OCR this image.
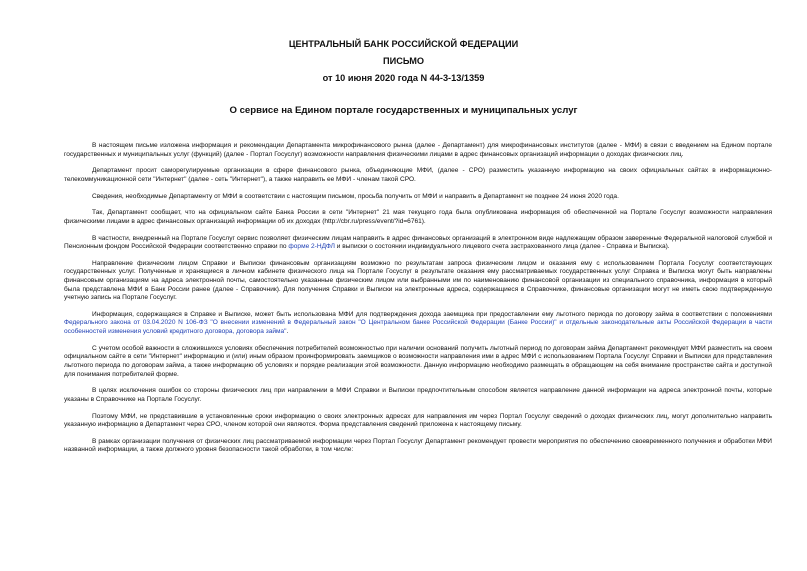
ЦЕНТРАЛЬНЫЙ БАНК РОССИЙСКОЙ ФЕДЕРАЦИИ
ПИСЬМО
от 10 июня 2020 года N 44-3-13/1359
О сервисе на Едином портале государственных и муниципальных услуг

В настоящем письме изложена информация и рекомендации Департамента микрофинансового рынка (далее - Департамент) для микрофинансовых институтов (далее - МФИ) в связи с введением на Едином портале государственных и муниципальных услуг (функций) (далее - Портал Госуслуг) возможности направления физическими лицами в адрес финансовых организаций информации о доходах физических лиц.

Департамент просит саморегулируемые организации в сфере финансового рынка, объединяющие МФИ, (далее - СРО) разместить указанную информацию на своих официальных сайтах в информационно-телекоммуникационной сети "Интернет" (далее - сеть "Интернет"), а также направить ее МФИ - членам такой СРО.

Сведения, необходимые Департаменту от МФИ в соответствии с настоящим письмом, просьба получить от МФИ и направить в Департамент не позднее 24 июня 2020 года.

Так, Департамент сообщает, что на официальном сайте Банка России в сети "Интернет" 21 мая текущего года была опубликована информация об обеспеченной на Портале Госуслуг возможности направления физическими лицами в адрес финансовых организаций информации об их доходах (http://cbr.ru/press/event/?id=6761).

В частности, внедренный на Портале Госуслуг сервис позволяет физическим лицам направить в адрес финансовых организаций в электронном виде надлежащим образом заверенные Федеральной налоговой службой и Пенсионным фондом Российской Федерации соответственно справки по форме 2-НДФЛ и выписки о состоянии индивидуального лицевого счета застрахованного лица (далее - Справка и Выписка).

Направление физическим лицом Справки и Выписки финансовым организациям возможно по результатам запроса физическим лицом и оказания ему с использованием Портала Госуслуг соответствующих государственных услуг. Полученные и хранящиеся в личном кабинете физического лица на Портале Госуслуг в результате оказания ему рассматриваемых государственных услуг Справка и Выписка могут быть направлены финансовым организациям на адреса электронной почты, самостоятельно указанные физическим лицом или выбранными им по наименованию финансовой организации из специального справочника, информация в который была представлена МФИ в Банк России ранее (далее - Справочник). Для получения Справки и Выписки на электронные адреса, содержащиеся в Справочнике, финансовые организации могут не иметь свою подтвержденную учетную запись на Портале Госуслуг.

Информация, содержащаяся в Справке и Выписке, может быть использована МФИ для подтверждения дохода заемщика при предоставлении ему льготного периода по договору займа в соответствии с положениями Федерального закона от 03.04.2020 N 106-ФЗ "О внесении изменений в Федеральный закон "О Центральном банке Российской Федерации (Банке России)" и отдельные законодательные акты Российской Федерации в части особенностей изменения условий кредитного договора, договора займа".

С учетом особой важности в сложившихся условиях обеспечения потребителей возможностью при наличии оснований получить льготный период по договорам займа Департамент рекомендует МФИ разместить на своем официальном сайте в сети "Интернет" информацию и (или) иным образом проинформировать заемщиков о возможности направления ими в адрес МФИ с использованием Портала Госуслуг Справки и Выписки для представления льготного периода по договорам займа, а также информацию об условиях и порядке реализации этой возможности. Данную информацию необходимо размещать в обращающем на себя внимание пространстве сайта и доступной для понимания потребителей форме.

В целях исключения ошибок со стороны физических лиц при направлении в МФИ Справки и Выписки предпочтительным способом является направление данной информации на адреса электронной почты, которые указаны в Справочнике на Портале Госуслуг.

Поэтому МФИ, не представившие в установленные сроки информацию о своих электронных адресах для направления им через Портал Госуслуг сведений о доходах физических лиц, могут дополнительно направить указанную информацию в Департамент через СРО, членом которой они являются. Форма представления сведений приложена к настоящему письму.

В рамках организации получения от физических лиц рассматриваемой информации через Портал Госуслуг Департамент рекомендует провести мероприятия по обеспечению своевременного получения и обработки МФИ названной информации, а также должного уровня безопасности такой обработки, в том числе:
